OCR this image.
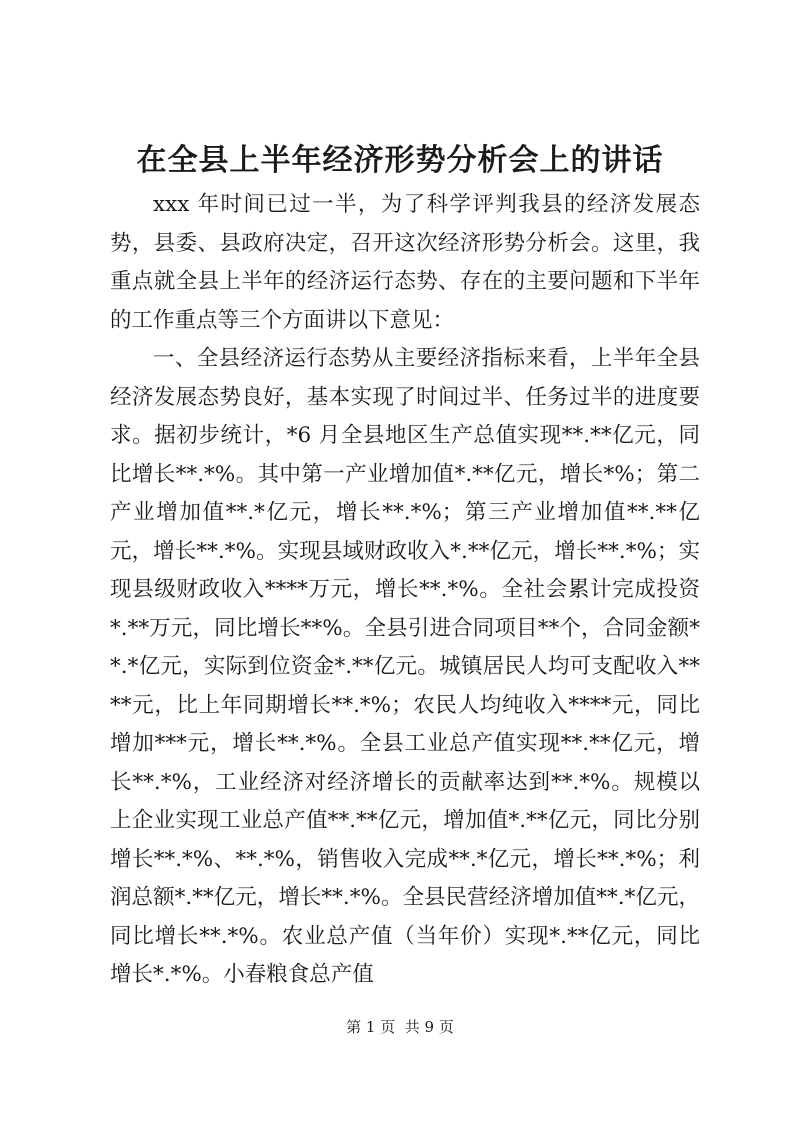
在全县上半年经济形势分析会上的讲话

xxx 年时间已过一半，为了科学评判我县的经济发展态势，县委、县政府决定，召开这次经济形势分析会。这里，我重点就全县上半年的经济运行态势、存在的主要问题和下半年的工作重点等三个方面讲以下意见：

一、全县经济运行态势从主要经济指标来看，上半年全县经济发展态势良好，基本实现了时间过半、任务过半的进度要求。据初步统计，*6 月全县地区生产总值实现**.**亿元，同比增长**.*%。其中第一产业增加值*.**亿元，增长*%；第二产业增加值**.*亿元，增长**.*%；第三产业增加值**.**亿元，增长**.*%。实现县域财政收入*.**亿元，增长**.*%；实现县级财政收入****万元，增长**.*%。全社会累计完成投资*.**万元，同比增长**%。全县引进合同项目**个，合同金额**.*亿元，实际到位资金*.**亿元。城镇居民人均可支配收入****元，比上年同期增长**.*%；农民人均纯收入****元，同比增加***元，增长**.*%。全县工业总产值实现**.**亿元，增长**.*%，工业经济对经济增长的贡献率达到**.*%。规模以上企业实现工业总产值**.**亿元，增加值*.**亿元，同比分别增长**.*%、**.*%，销售收入完成**.*亿元，增长**.*%；利润总额*.**亿元，增长**.*%。全县民营经济增加值**.*亿元，同比增长**.*%。农业总产值（当年价）实现*.**亿元，同比增长*.*%。小春粮食总产值

第 1 页 共 9 页
